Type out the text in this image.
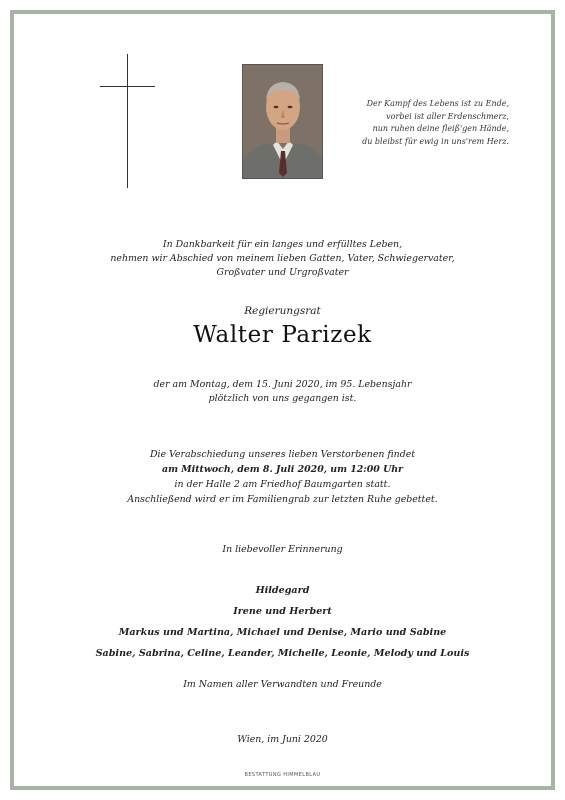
Der Kampf des Lebens ist zu Ende,
vorbei ist aller Erdenschmerz,
nun ruhen deine fleiß'gen Hände,
du bleibst für ewig in uns'rem Herz.
In Dankbarkeit für ein langes und erfülltes Leben,
nehmen wir Abschied von meinem lieben Gatten, Vater, Schwiegervater,
Großvater und Urgroßvater
Regierungsrat
Walter Parizek
der am Montag, dem 15. Juni 2020, im 95. Lebensjahr
plötzlich von uns gegangen ist.
Die Verabschiedung unseres lieben Verstorbenen findet
am Mittwoch, dem 8. Juli 2020, um 12:00 Uhr
in der Halle 2 am Friedhof Baumgarten statt.
Anschließend wird er im Familiengrab zur letzten Ruhe gebettet.
In liebevoller Erinnerung
Hildegard
Irene und Herbert
Markus und Martina, Michael und Denise, Mario und Sabine
Sabine, Sabrina, Celine, Leander, Michelle, Leonie, Melody und Louis
Im Namen aller Verwandten und Freunde
Wien, im Juni 2020
BESTATTUNG HIMMELBLAU
